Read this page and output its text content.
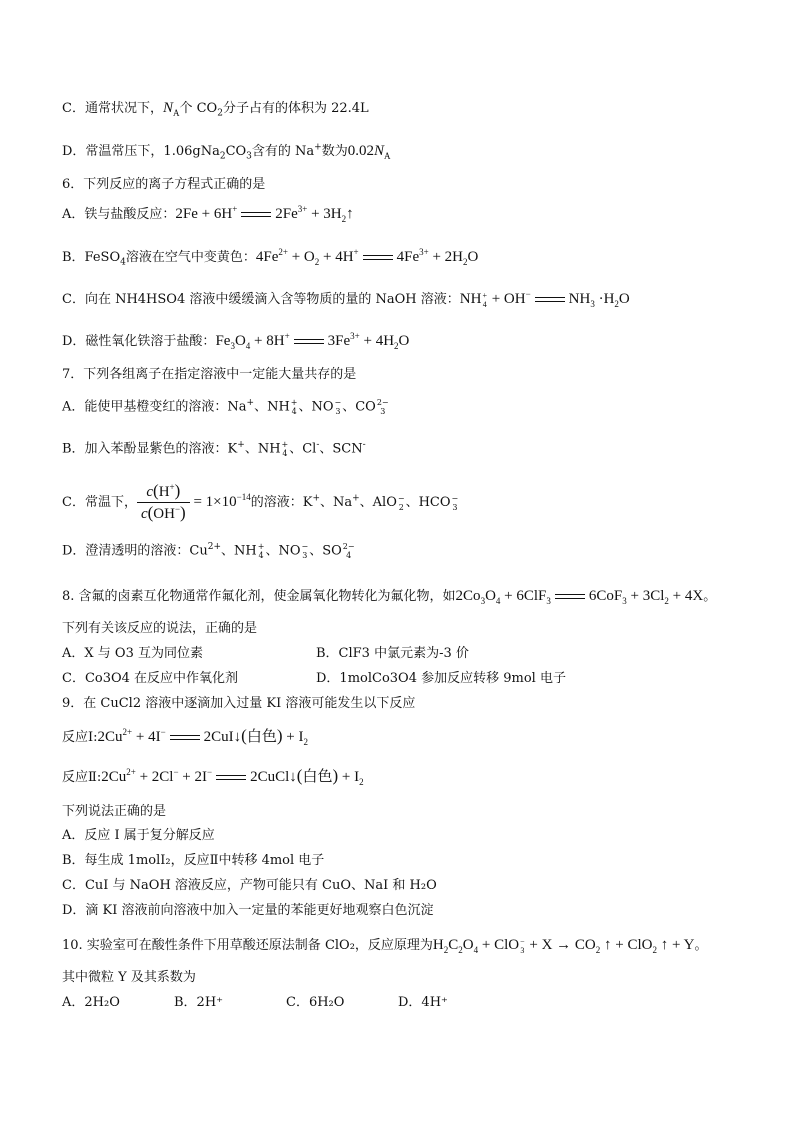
C．通常状况下，$N_A$个 $CO_2$分子占有的体积为 22.4L
D．常温常压下，$1.06gNa_2CO_3$含有的 Na+数为$0.02N_A$
6．下列反应的离子方程式正确的是
A．铁与盐酸反应：2Fe + 6H+	$2Fe^{3+}$ + $3H_2↑$
B．FeSO$_4$溶液在空气中变黄色：$4Fe^{2+} + O_2 + 4H^+$	$4Fe^{3+} + 2H_2O$
C．向在 NH4HSO4 溶液中缓缓滴入含等物质的量的 NaOH 溶液：NH+
4 + OH−	$NH_3 \cdot H_2O$
D．磁性氧化铁溶于盐酸：$Fe_3O_4 + 8H^+$	$3Fe^{3+} + 4H_2O$
7．下列各组离子在指定溶液中一定能大量共存的是
A．能使甲基橙变红的溶液：Na+、NH+
4 、NO−
3 、CO2−
3
B．加入苯酚显紫色的溶液：K+、NH+
4 、Cl-、SCN-
C．常温下， $\frac{c(H^+)}{c(OH^-)} = 1\times 10^{-14}$的溶液：K+、Na+、AlO−
2 、HCO−
3
D．澄清透明的溶液：$Cu^{2+}$、NH+
4 、NO−
3 、SO2−
4
8. 含氟的卤素互化物通常作氟化剂，使金属氧化物转化为氟化物，如$2Co_3O_4 + 6ClF_3$	$6CoF_3 + 3Cl_2 + 4X$。
下列有关该反应的说法，正确的是
A．X 与 O3 互为同位素	B．ClF3 中氯元素为-3 价
C．Co3O4 在反应中作氧化剂	D．1molCo3O4 参加反应转移 9mol 电子
9．在 CuCl2 溶液中逐滴加入过量 KI 溶液可能发生以下反应
反应$Ⅰ:2Cu^{2+} + 4I^-$	2CuI↓(白色) + $I_2$
反应$Ⅱ:2Cu^{2+} + 2Cl^- + 2I^-$	2CuCl↓(白色) + $I_2$
下列说法正确的是
A．反应 I 属于复分解反应
B．每生成 1molI₂，反应Ⅱ中转移 4mol 电子
C．CuI 与 NaOH 溶液反应，产物可能只有 CuO、NaI 和 H₂O
D．滴 KI 溶液前向溶液中加入一定量的苯能更好地观察白色沉淀
10. 实验室可在酸性条件下用草酸还原法制备 ClO₂，反应原理为$H_2C_2O_4 + ClO-$
$3 + X \to CO_2$ ↑ + ClO$_2$ ↑ + Y。
其中微粒 Y 及其系数为
A．2H₂O	B．2H⁺	C．6H₂O	D．4H⁺
